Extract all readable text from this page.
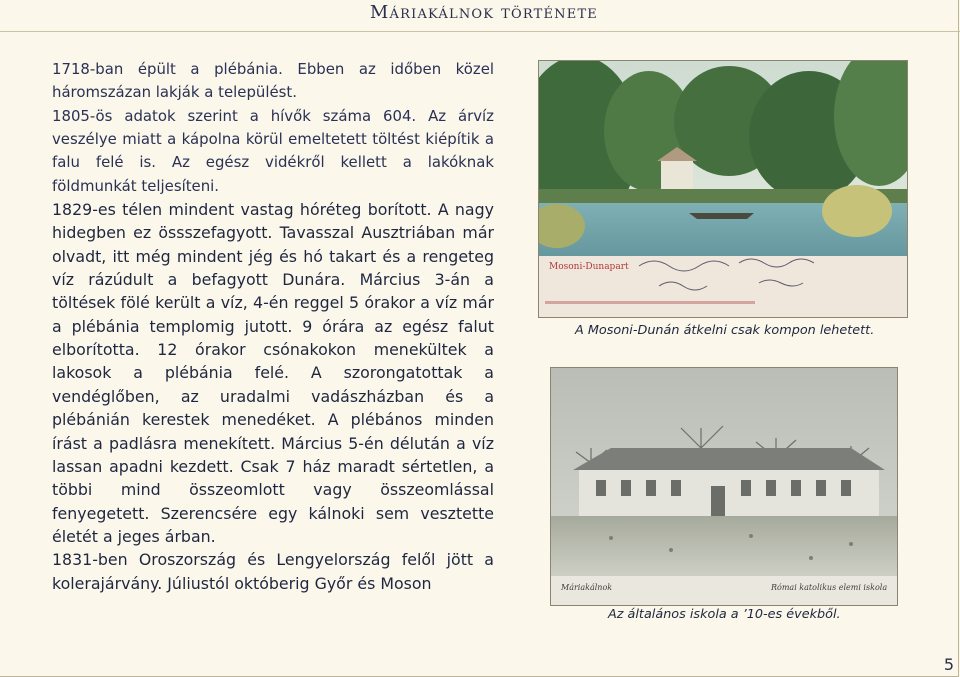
Máriakálnok története

1718-ban épült a plébánia. Ebben az időben közel háromszázan lakják a települést.

1805-ös adatok szerint a hívők száma 604. Az árvíz veszélye miatt a kápolna körül emeltetett töltést kiépítik a falu felé is. Az egész vidékről kellett a lakóknak földmunkát teljesíteni.

1829-es télen mindent vastag hóréteg borított. A nagy hidegben ez össszefagyott. Tavasszal Ausztriában már olvadt, itt még mindent jég és hó takart és a rengeteg víz rázúdult a befagyott Dunára. Március 3-án a töltések fölé került a víz, 4-én reggel 5 órakor a víz már a plébánia templomig jutott. 9 órára az egész falut elborította. 12 órakor csónakokon menekültek a lakosok a plébánia felé. A szorongatottak a vendéglőben, az uradalmi vadászházban és a plébánián kerestek menedéket. A plébános minden írást a padlásra menekített. Március 5-én délután a víz lassan apadni kezdett. Csak 7 ház maradt sértetlen, a többi mind összeomlott vagy összeomlással fenyegetett. Szerencsére egy kálnoki sem vesztette életét a jeges árban.

1831-ben Oroszország és Lengyelország felől jött a kolerajárvány. Júliustól októberig Győr és Moson

Mosoni-Dunapart
A Mosoni-Dunán átkelni csak kompon lehetett.
Máriakálnok	Római katolikus elemi iskola
Az általános iskola a ’10-es évekből.
5
